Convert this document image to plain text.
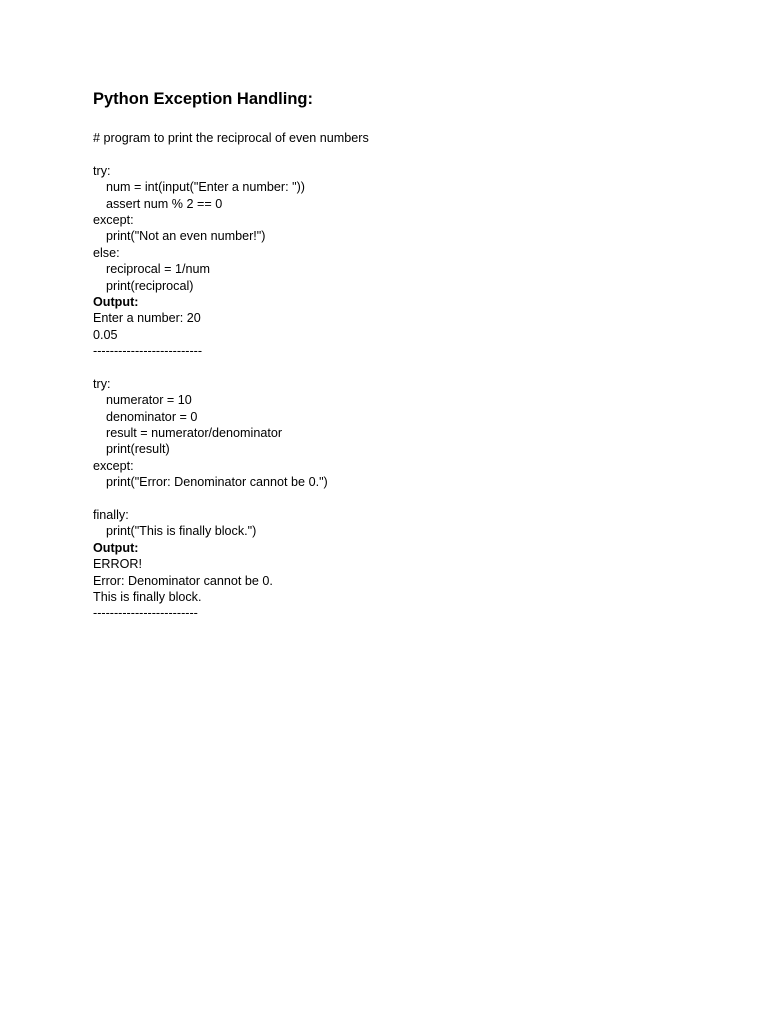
Python Exception Handling:
# program to print the reciprocal of even numbers
try:
num = int(input("Enter a number: "))
assert num % 2 == 0
except:
print("Not an even number!")
else:
reciprocal = 1/num
print(reciprocal)
Output:
Enter a number: 20
0.05
--------------------------
try:
numerator = 10
denominator = 0
result = numerator/denominator
print(result)
except:
print("Error: Denominator cannot be 0.")
finally:
print("This is finally block.")
Output:
ERROR!
Error: Denominator cannot be 0.
This is finally block.
-------------------------
